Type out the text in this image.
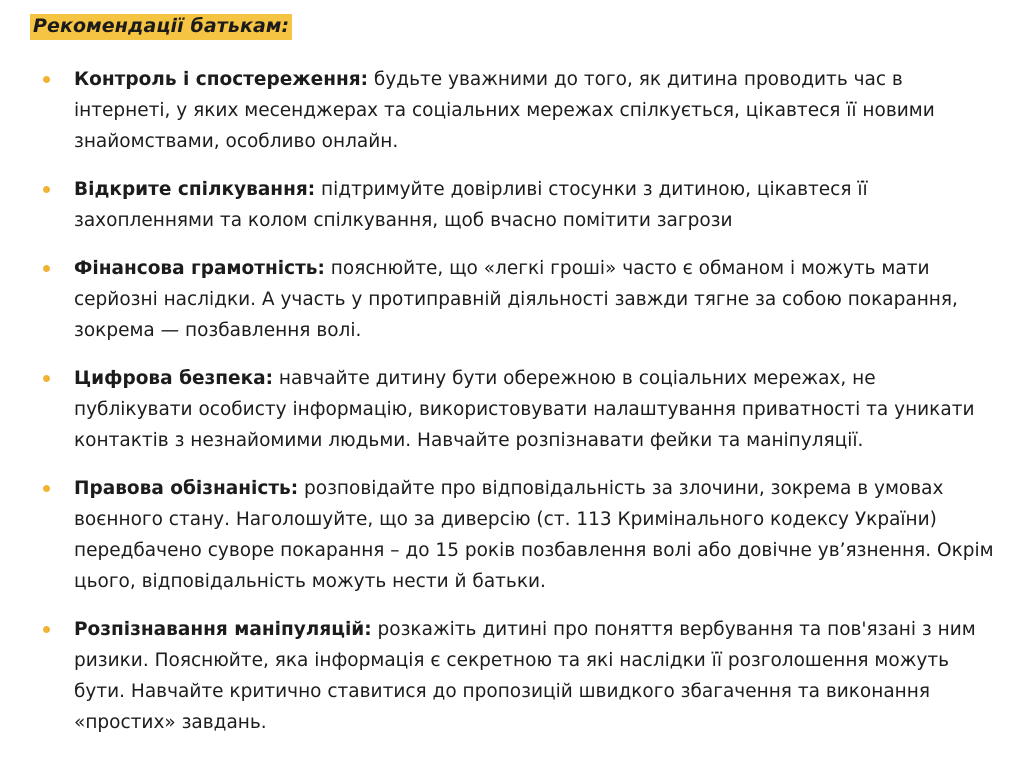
Рекомендації батькам:
Контроль і спостереження: будьте уважними до того, як дитина проводить час в інтернеті, у яких месенджерах та соціальних мережах спілкується, цікавтеся її новими знайомствами, особливо онлайн.
Відкрите спілкування: підтримуйте довірливі стосунки з дитиною, цікавтеся її захопленнями та колом спілкування, щоб вчасно помітити загрози
Фінансова грамотність: пояснюйте, що «легкі гроші» часто є обманом і можуть мати серйозні наслідки. А участь у протиправній діяльності завжди тягне за собою покарання, зокрема — позбавлення волі.
Цифрова безпека: навчайте дитину бути обережною в соціальних мережах, не публікувати особисту інформацію, використовувати налаштування приватності та уникати контактів з незнайомими людьми. Навчайте розпізнавати фейки та маніпуляції.
Правова обізнаність: розповідайте про відповідальність за злочини, зокрема в умовах воєнного стану. Наголошуйте, що за диверсію (ст. 113 Кримінального кодексу України) передбачено суворе покарання – до 15 років позбавлення волі або довічне ув’язнення. Окрім цього, відповідальність можуть нести й батьки.
Розпізнавання маніпуляцій: розкажіть дитині про поняття вербування та пов'язані з ним ризики. Пояснюйте, яка інформація є секретною та які наслідки її розголошення можуть бути. Навчайте критично ставитися до пропозицій швидкого збагачення та виконання «простих» завдань.
